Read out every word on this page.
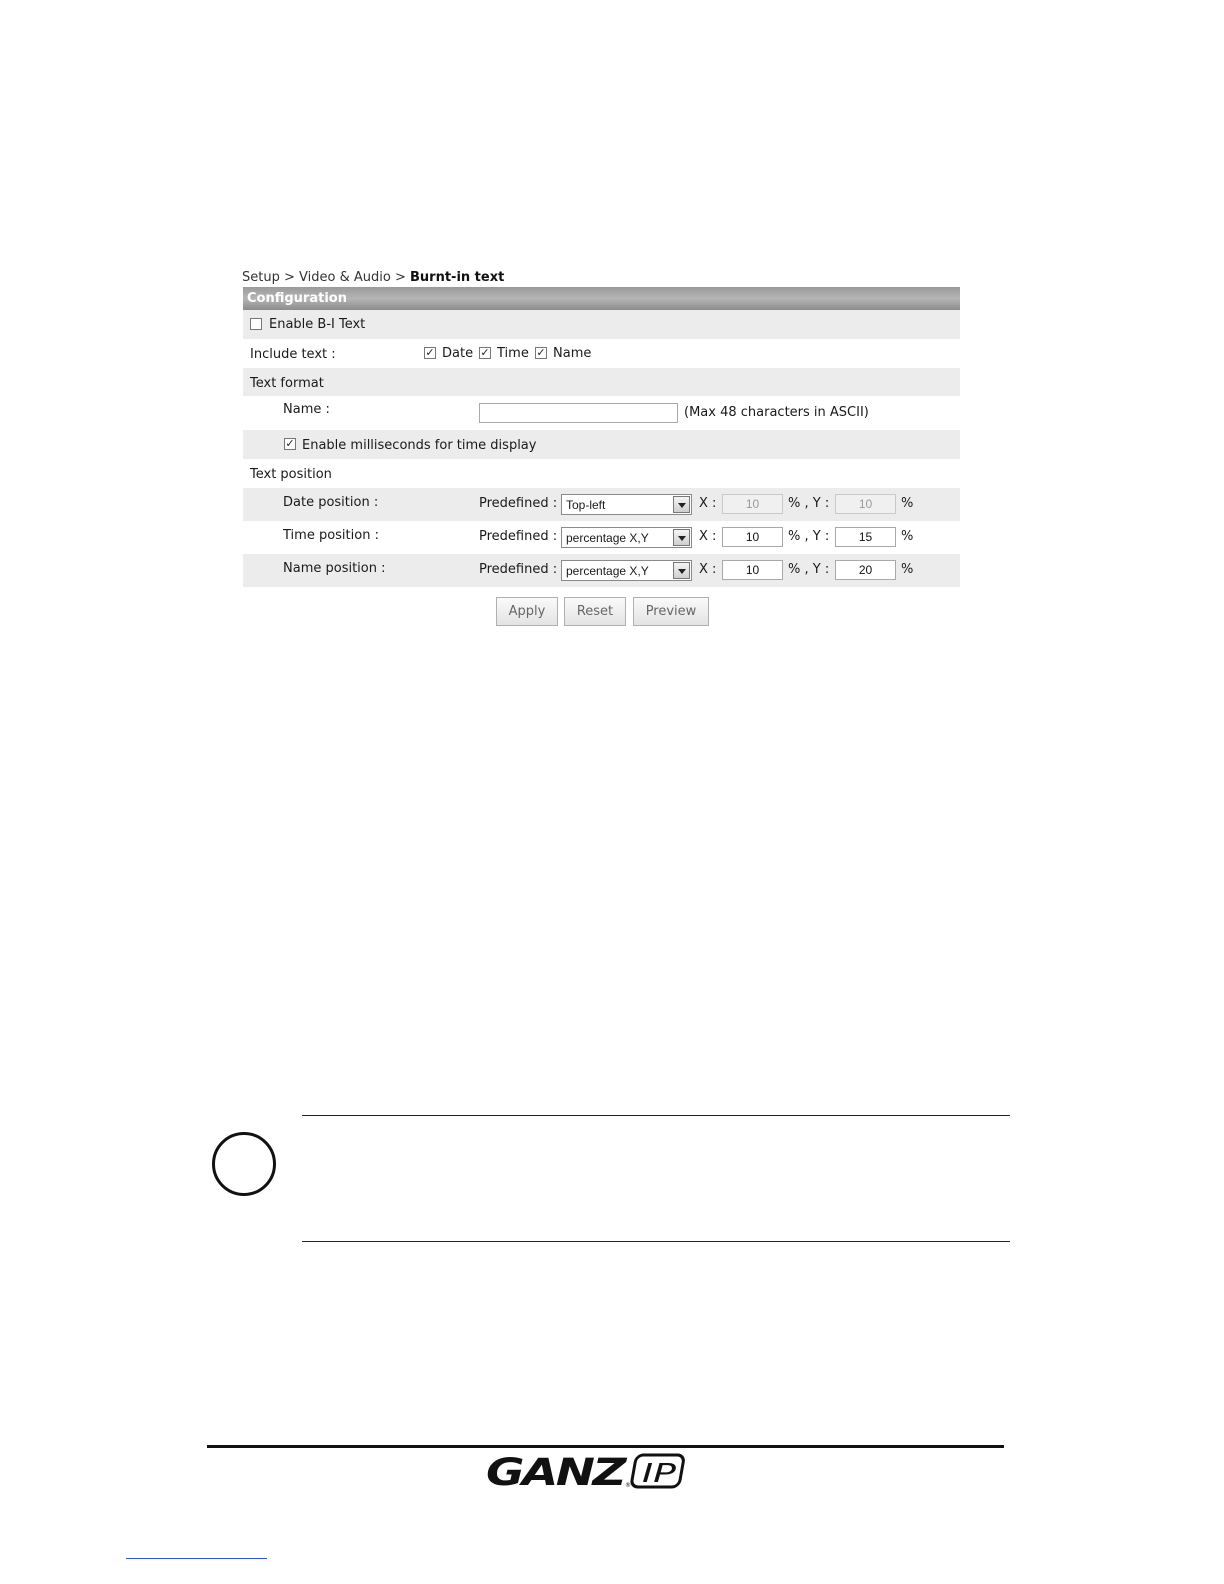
Setup > Video & Audio > Burnt-in text
Configuration
Enable B-I Text
Include text :	✓ Date ✓ Time ✓ Name
Text format
Name :	(Max 48 characters in ASCII)
✓ Enable milliseconds for time display
Text position
Date position :	Predefined : Top-left	X :	10	% , Y :	10	%
Time position :	Predefined : percentage X,Y	X :	10	% , Y :	15	%
Name position :	Predefined : percentage X,Y	X :	10	% , Y :	20	%
Apply	Reset	Preview
GANZ
® IP
